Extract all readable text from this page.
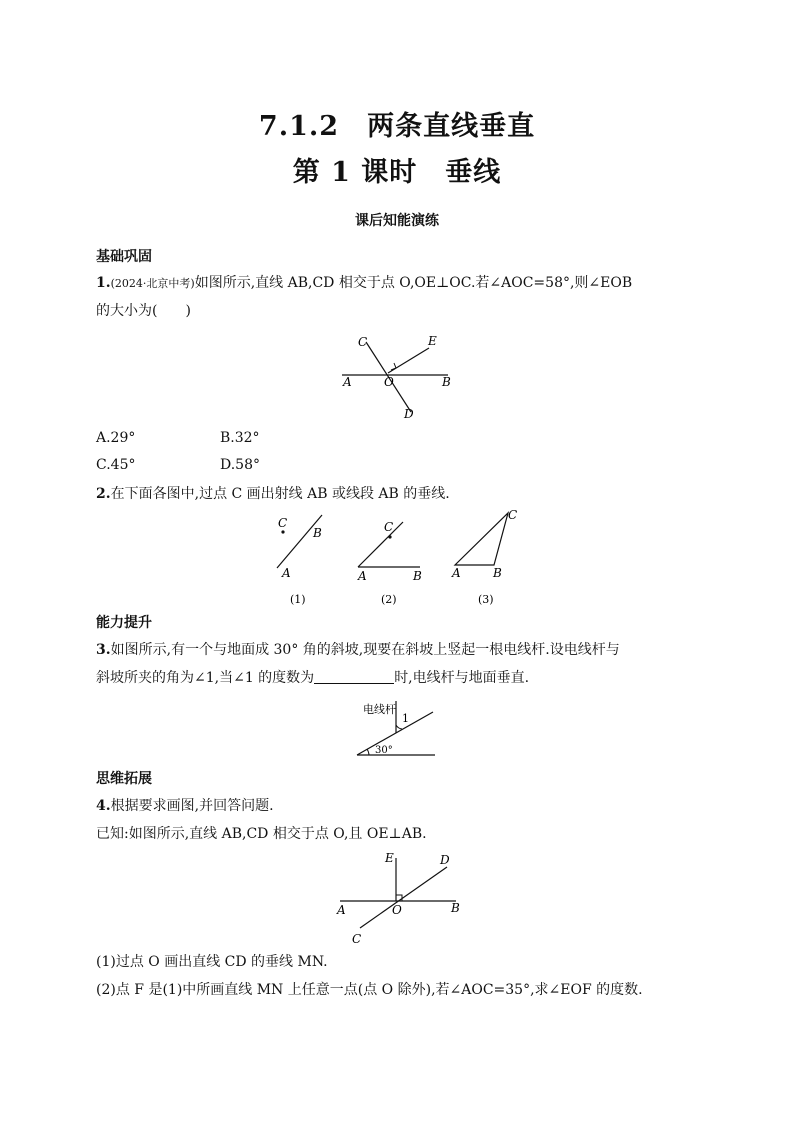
7.1.2　两条直线垂直
第 1 课时　垂线
课后知能演练
基础巩固
1.(2024·北京中考)如图所示,直线 AB,CD 相交于点 O,OE⊥OC.若∠AOC=58°,则∠EOB
的大小为(　　)
C	E
A	O	B
D
A.29°	B.32°
C.45°	D.58°
2.在下面各图中,过点 C 画出射线 AB 或线段 AB 的垂线.
C
B
A
(1)
C
A	B
(2)
C
A	B
(3)
能力提升
3.如图所示,有一个与地面成 30° 角的斜坡,现要在斜坡上竖起一根电线杆.设电线杆与
斜坡所夹的角为∠1,当∠1 的度数为	时,电线杆与地面垂直.
电线杆
1
30°
思维拓展
4.根据要求画图,并回答问题.
已知:如图所示,直线 AB,CD 相交于点 O,且 OE⊥AB.
E	D
A	O	B
C
(1)过点 O 画出直线 CD 的垂线 MN.
(2)点 F 是(1)中所画直线 MN 上任意一点(点 O 除外),若∠AOC=35°,求∠EOF 的度数.
